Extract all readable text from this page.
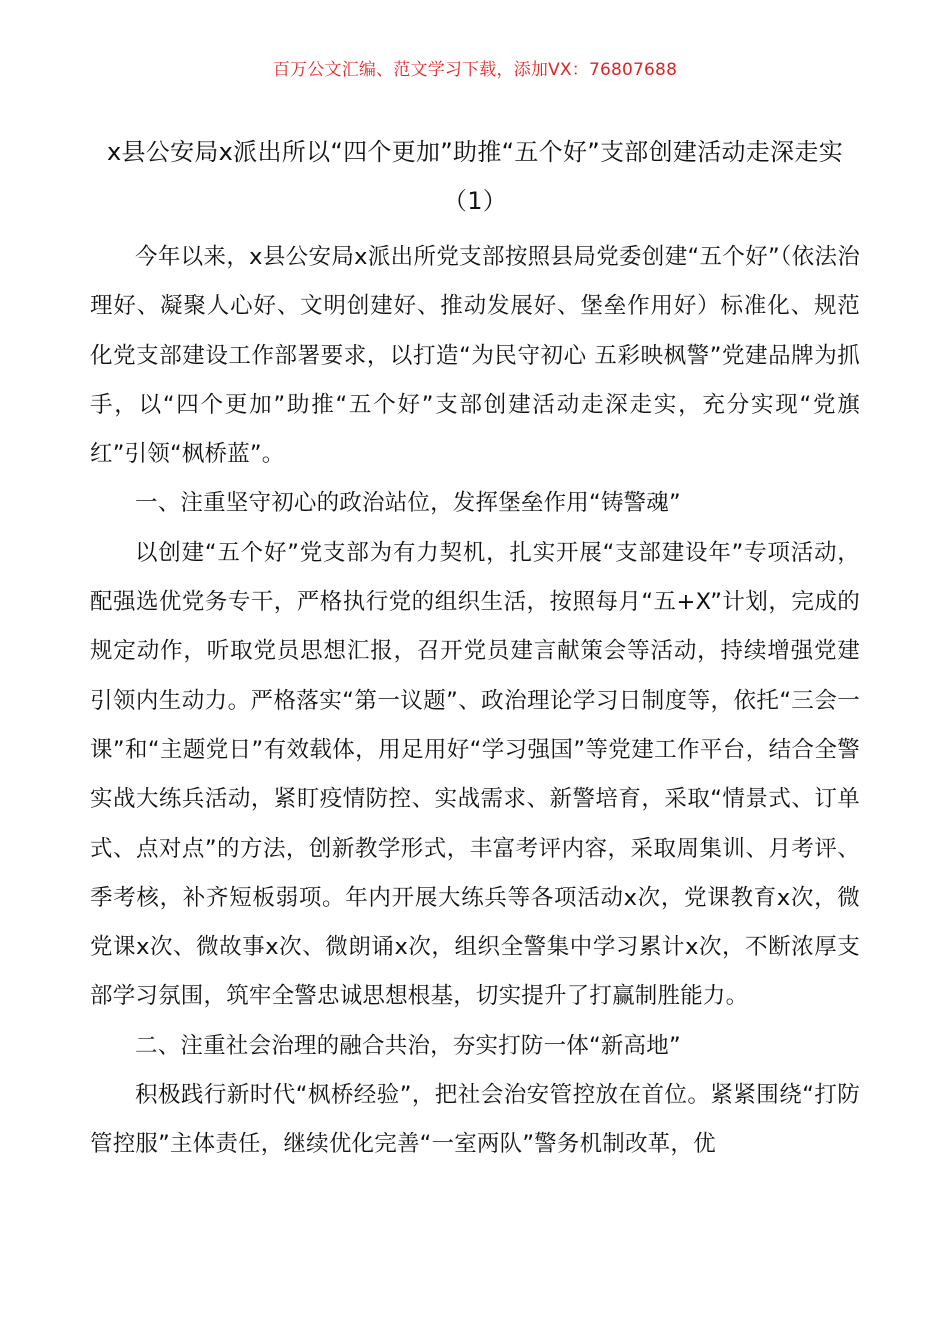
百万公文汇编、范文学习下载，添加VX：76807688
x县公安局x派出所以“四个更加”助推“五个好”支部创建活动走深走实（1）

今年以来，x县公安局x派出所党支部按照县局党委创建“五个好”（依法治理好、凝聚人心好、文明创建好、推动发展好、堡垒作用好）标准化、规范化党支部建设工作部署要求，以打造“为民守初心 五彩映枫警”党建品牌为抓手，以“四个更加”助推“五个好”支部创建活动走深走实，充分实现“党旗红”引领“枫桥蓝”。

一、注重坚守初心的政治站位，发挥堡垒作用“铸警魂”

以创建“五个好”党支部为有力契机，扎实开展“支部建设年”专项活动，配强选优党务专干，严格执行党的组织生活，按照每月“五+X”计划，完成的规定动作，听取党员思想汇报，召开党员建言献策会等活动，持续增强党建引领内生动力。严格落实“第一议题”、政治理论学习日制度等，依托“三会一课”和“主题党日”有效载体，用足用好“学习强国”等党建工作平台，结合全警实战大练兵活动，紧盯疫情防控、实战需求、新警培育，采取“情景式、订单式、点对点”的方法，创新教学形式，丰富考评内容，采取周集训、月考评、季考核，补齐短板弱项。年内开展大练兵等各项活动x次，党课教育x次，微党课x次、微故事x次、微朗诵x次，组织全警集中学习累计x次，不断浓厚支部学习氛围，筑牢全警忠诚思想根基，切实提升了打赢制胜能力。

二、注重社会治理的融合共治，夯实打防一体“新高地”

积极践行新时代“枫桥经验”，把社会治安管控放在首位。紧紧围绕“打防管控服”主体责任，继续优化完善“一室两队”警务机制改革，优
